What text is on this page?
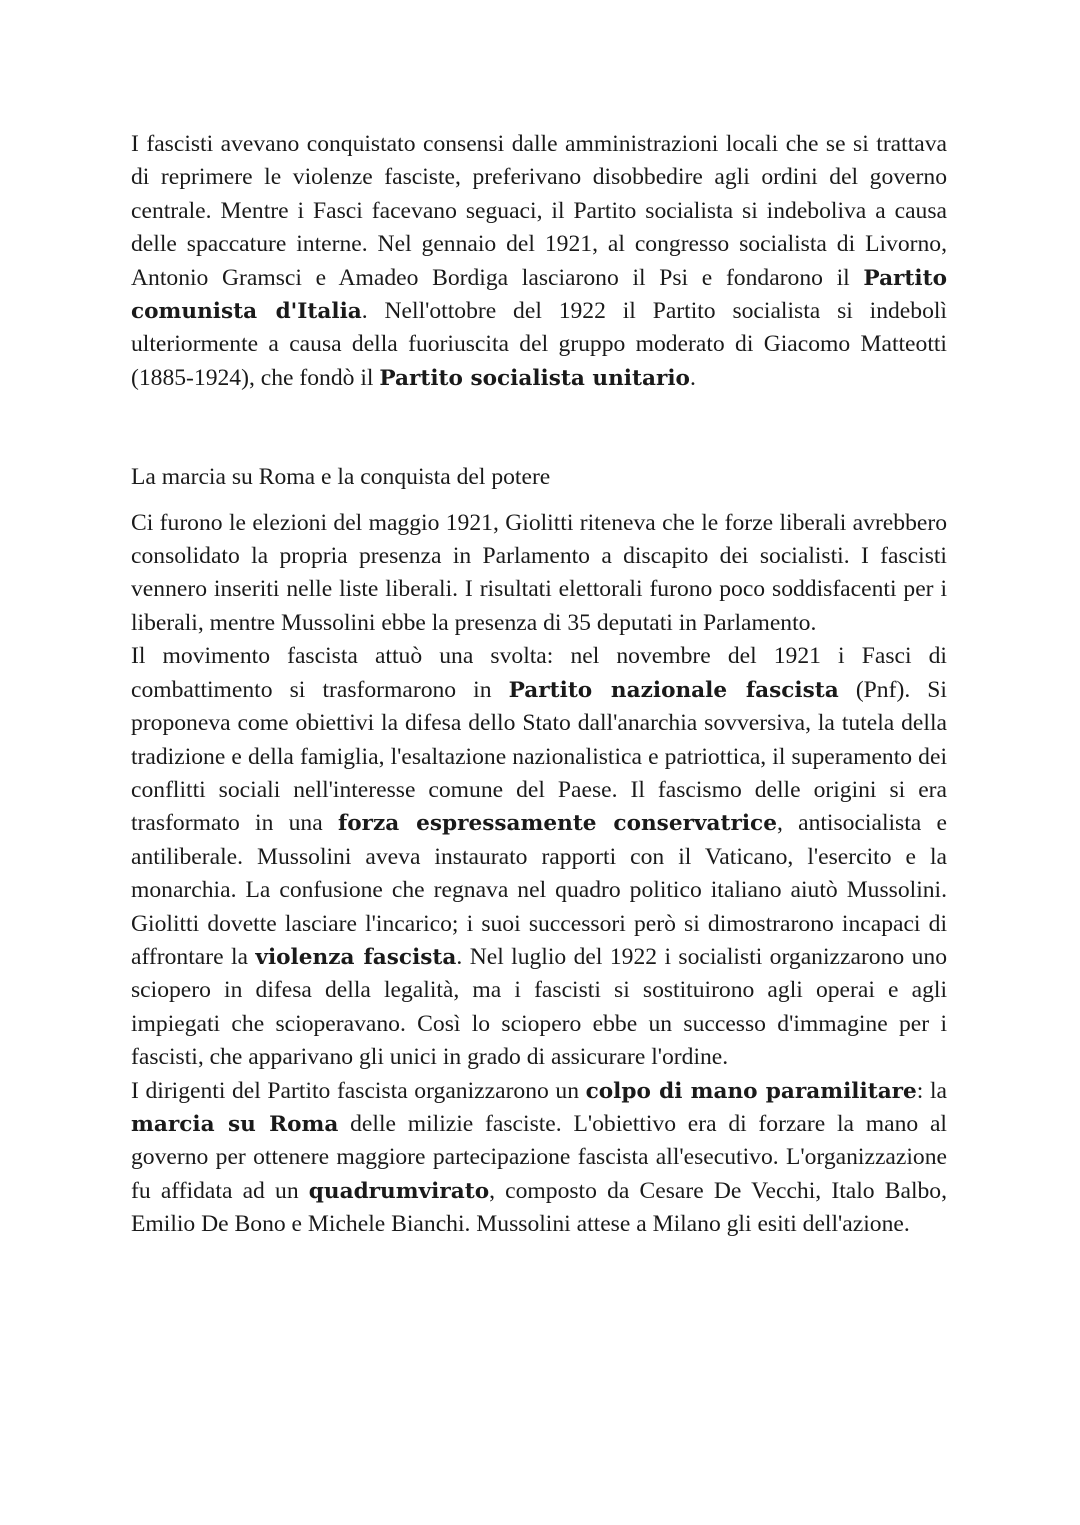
I fascisti avevano conquistato consensi dalle amministrazioni locali che se si trattava di reprimere le violenze fasciste, preferivano disobbedire agli ordini del governo centrale. Mentre i Fasci facevano seguaci, il Partito socialista si indeboliva a causa delle spaccature interne. Nel gennaio del 1921, al congresso socialista di Livorno, Antonio Gramsci e Amadeo Bordiga lasciarono il Psi e fondarono il Partito comunista d'Italia. Nell'ottobre del 1922 il Partito socialista si indebolì ulteriormente a causa della fuoriuscita del gruppo moderato di Giacomo Matteotti (1885-1924), che fondò il Partito socialista unitario.

La marcia su Roma e la conquista del potere

Ci furono le elezioni del maggio 1921, Giolitti riteneva che le forze liberali avrebbero consolidato la propria presenza in Parlamento a discapito dei socialisti. I fascisti vennero inseriti nelle liste liberali. I risultati elettorali furono poco soddisfacenti per i liberali, mentre Mussolini ebbe la presenza di 35 deputati in Parlamento.

Il movimento fascista attuò una svolta: nel novembre del 1921 i Fasci di combattimento si trasformarono in Partito nazionale fascista (Pnf). Si proponeva come obiettivi la difesa dello Stato dall'anarchia sovversiva, la tutela della tradizione e della famiglia, l'esaltazione nazionalistica e patriottica, il superamento dei conflitti sociali nell'interesse comune del Paese. Il fascismo delle origini si era trasformato in una forza espressamente conservatrice, antisocialista e antiliberale. Mussolini aveva instaurato rapporti con il Vaticano, l'esercito e la monarchia. La confusione che regnava nel quadro politico italiano aiutò Mussolini. Giolitti dovette lasciare l'incarico; i suoi successori però si dimostrarono incapaci di affrontare la violenza fascista. Nel luglio del 1922 i socialisti organizzarono uno sciopero in difesa della legalità, ma i fascisti si sostituirono agli operai e agli impiegati che scioperavano. Così lo sciopero ebbe un successo d'immagine per i fascisti, che apparivano gli unici in grado di assicurare l'ordine.

I dirigenti del Partito fascista organizzarono un colpo di mano paramilitare: la marcia su Roma delle milizie fasciste. L'obiettivo era di forzare la mano al governo per ottenere maggiore partecipazione fascista all'esecutivo. L'organizzazione fu affidata ad un quadrumvirato, composto da Cesare De Vecchi, Italo Balbo, Emilio De Bono e Michele Bianchi. Mussolini attese a Milano gli esiti dell'azione.
